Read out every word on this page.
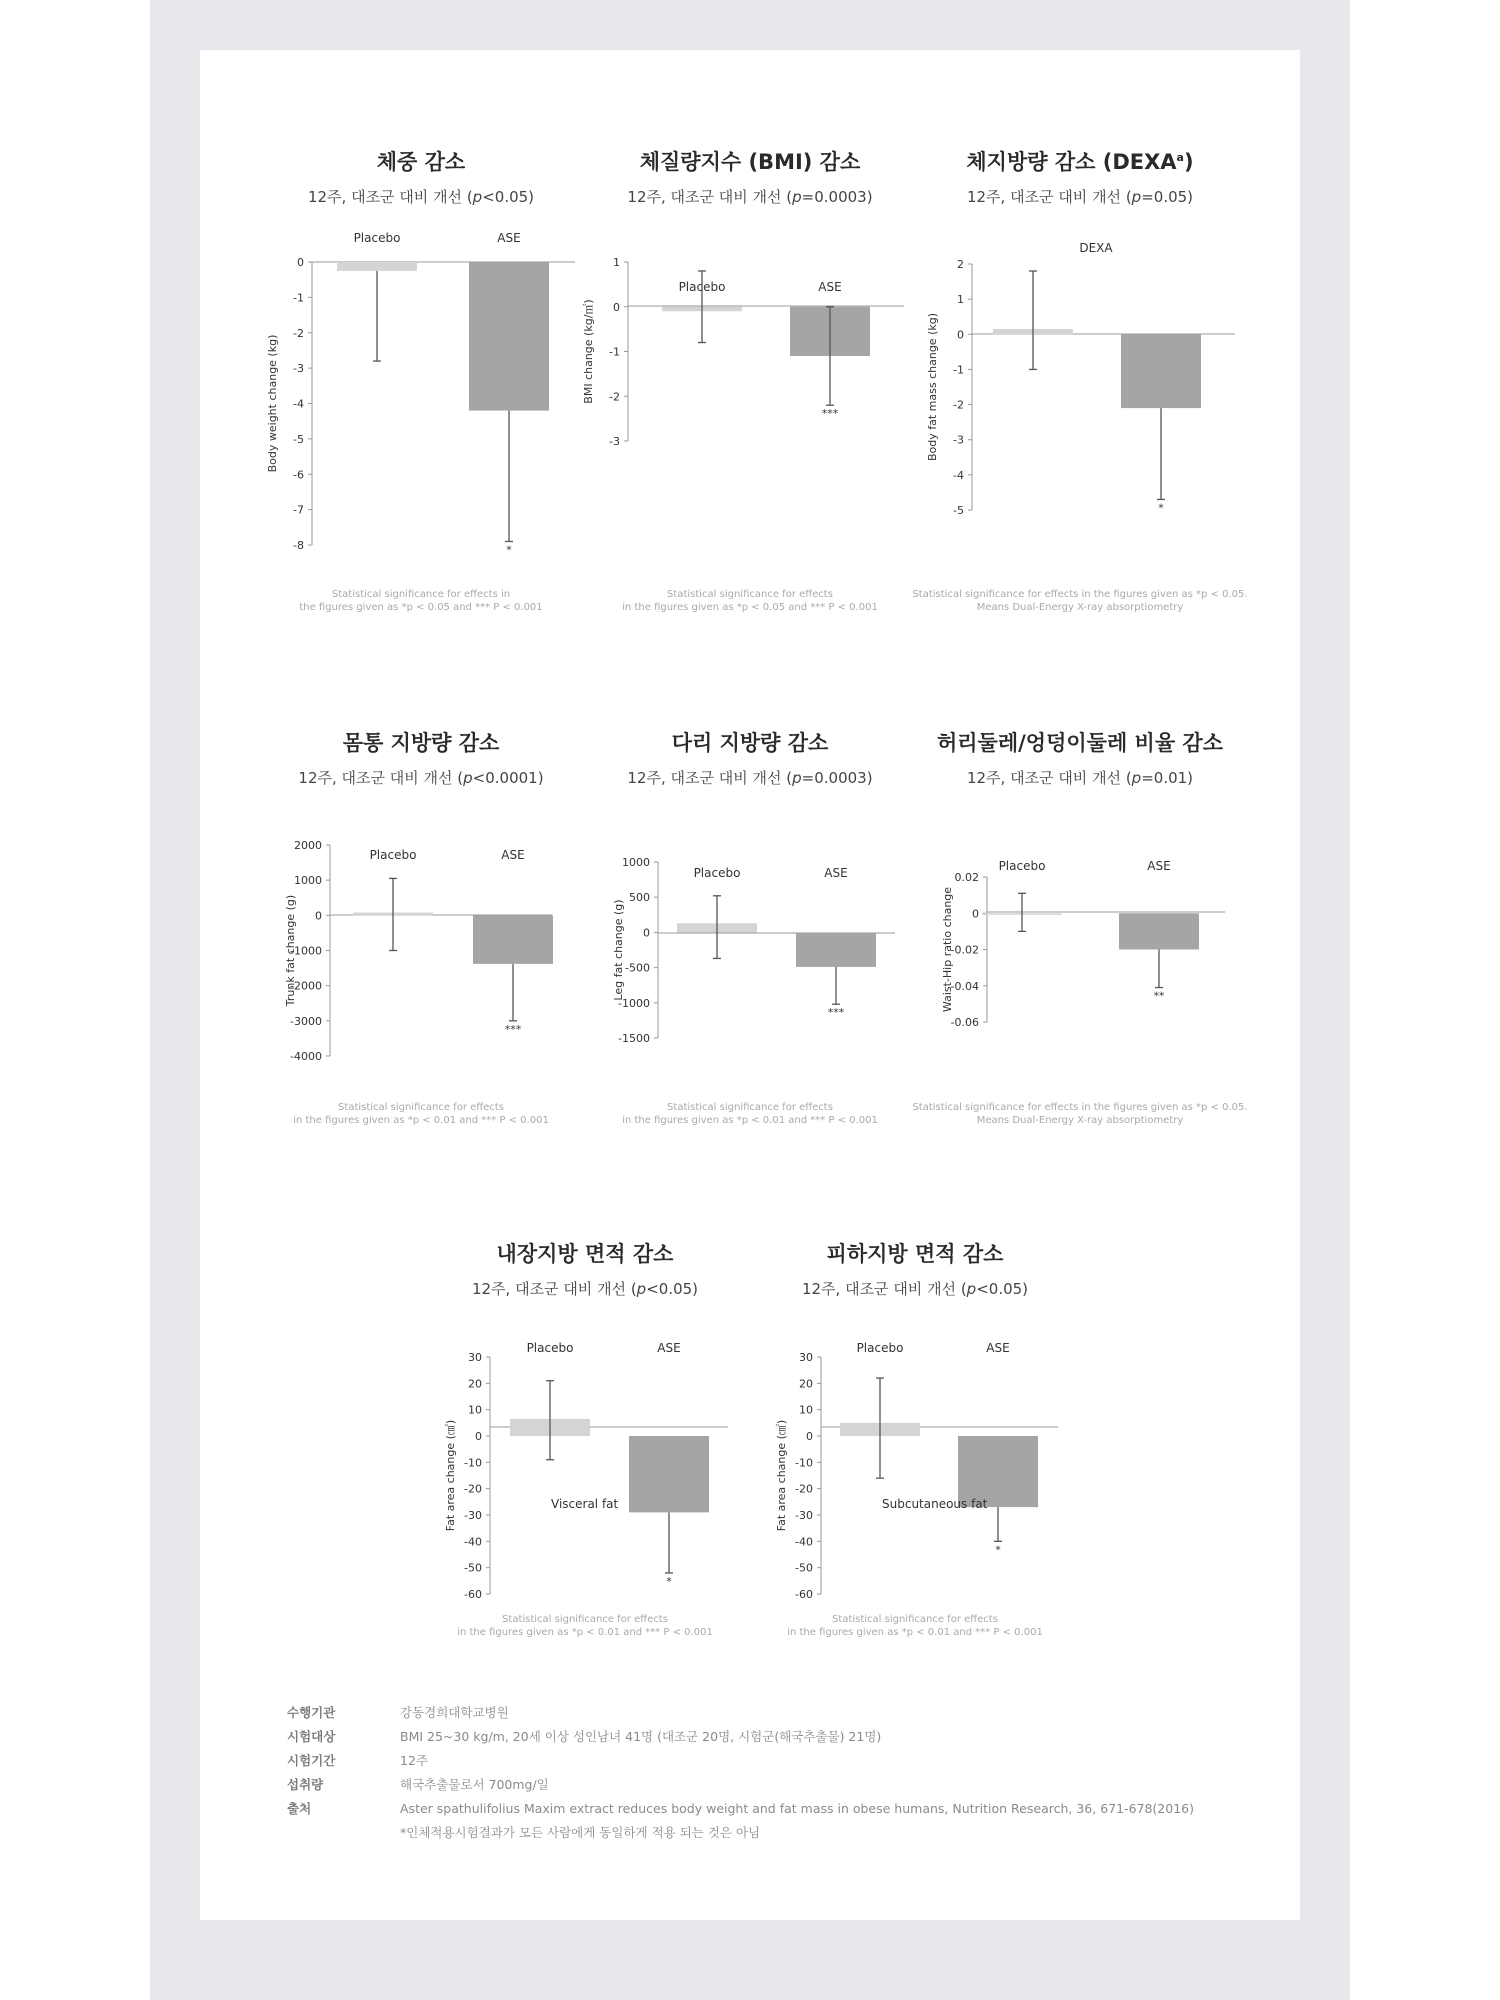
0
-1
-2
-3
-4
-5
-6
-7
-8
Body weight change (kg)
Placebo
*
ASE
1
0
-1
-2
-3
BMI change (kg/㎡)
Placebo
***
ASE
2
1
0
-1
-2
-3
-4
-5
Body fat mass change (kg)
*
DEXA
2000
1000
0
-1000
-2000
-3000
-4000
Trunk fat change (g)
Placebo
***
ASE
1000
500
0
-500
-1000
-1500
Leg fat change (g)
Placebo
***
ASE	0.02
0
-0.02
-0.04
-0.06
Waist-Hip ratio change
Placebo
**
ASE
30
20
10
0
-10
-20
-30
-40
-50
-60
Fat area change (㎠)
Placebo
*
ASE
Visceral fat
30
20
10
0
-10
-20
-30
-40
-50
-60
Fat area change (㎠)
Placebo
*
ASE
Subcutaneous fat
체중 감소
12주, 대조군 대비 개선 (p<0.05)
Statistical significance for effects in
the figures given as *p < 0.05 and *** P < 0.001
체질량지수 (BMI) 감소
12주, 대조군 대비 개선 (p=0.0003)
Statistical significance for effects
in the figures given as *p < 0.05 and *** P < 0.001
체지방량 감소 (DEXA$^a$)
12주, 대조군 대비 개선 (p=0.05)
Statistical significance for effects in the figures given as *p < 0.05.
Means Dual-Energy X-ray absorptiometry
몸통 지방량 감소
12주, 대조군 대비 개선 (p<0.0001)
Statistical significance for effects
in the figures given as *p < 0.01 and *** P < 0.001
다리 지방량 감소
12주, 대조군 대비 개선 (p=0.0003)
Statistical significance for effects
in the figures given as *p < 0.01 and *** P < 0.001
허리둘레/엉덩이둘레 비율 감소
12주, 대조군 대비 개선 (p=0.01)
Statistical significance for effects in the figures given as *p < 0.05.
Means Dual-Energy X-ray absorptiometry
내장지방 면적 감소
12주, 대조군 대비 개선 (p<0.05)
Statistical significance for effects
in the figures given as *p < 0.01 and *** P < 0.001
피하지방 면적 감소
12주, 대조군 대비 개선 (p<0.05)
Statistical significance for effects
in the figures given as *p < 0.01 and *** P < 0.001
수행기관	강동경희대학교병원
시험대상	BMI 25~30 kg/m, 20세 이상 성인남녀 41명 (대조군 20명, 시험군(해국추출물) 21명)
시험기간	12주
섭취량	해국추출물로서 700mg/일
출처	Aster spathulifolius Maxim extract reduces body weight and fat mass in obese humans, Nutrition Research, 36, 671-678(2016)
*인체적용시험결과가 모든 사람에게 동일하게 적용 되는 것은 아님
